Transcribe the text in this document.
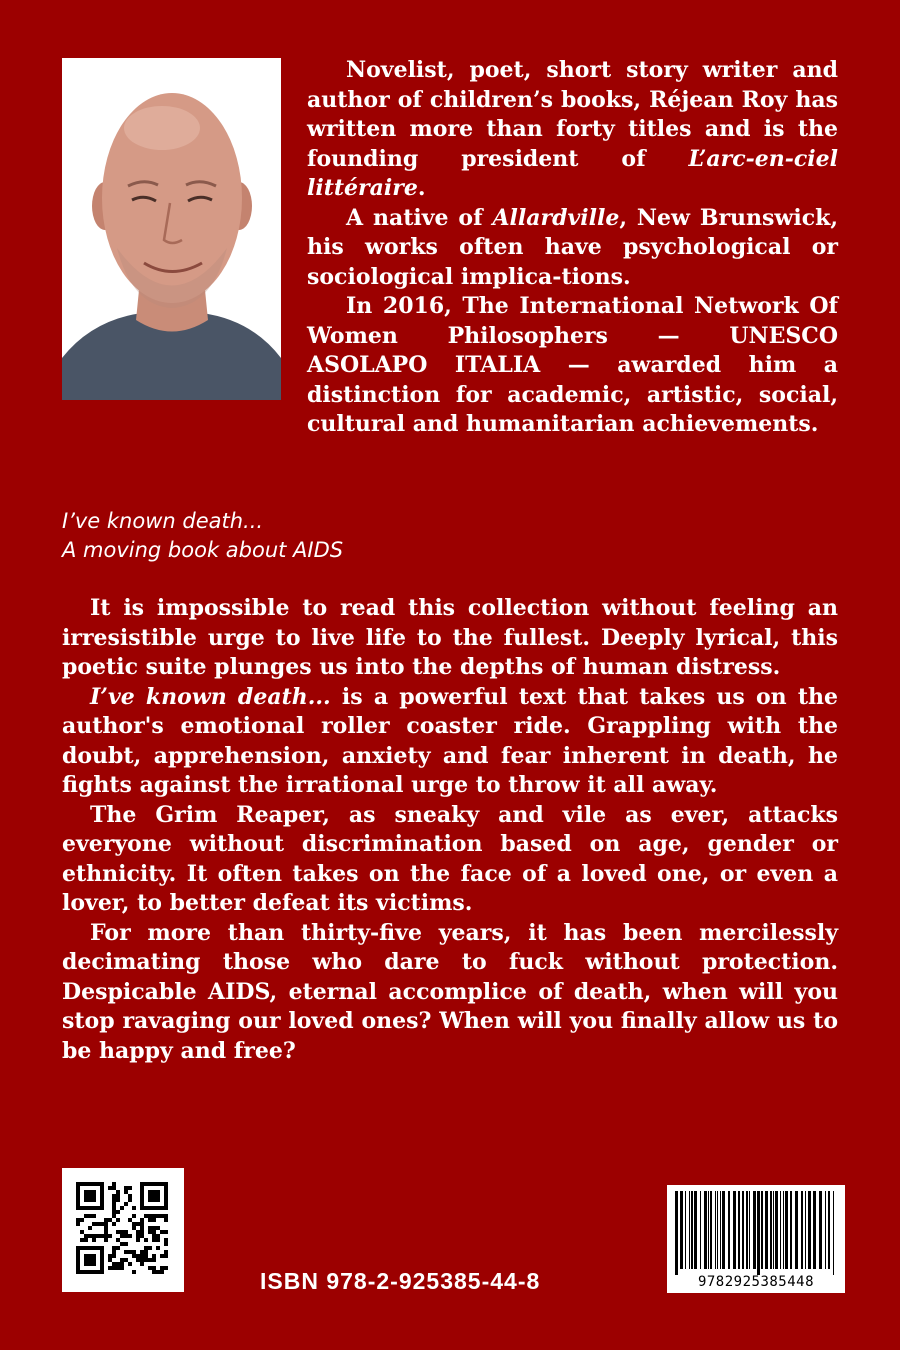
Novelist, poet, short story writer and author of children’s books, Réjean Roy has written more than forty titles and is the founding president of L’arc-en-ciel littéraire.

A native of Allardville, New Brunswick, his works often have psychological or sociological implica-tions.

In 2016, The International Network Of Women Philosophers — UNESCO ASOLAPO ITALIA — awarded him a distinction for academic, artistic, social, cultural and humanitarian achievements.

I’ve known death...
A moving book about AIDS

It is impossible to read this collection without feeling an irresistible urge to live life to the fullest. Deeply lyrical, this poetic suite plunges us into the depths of human distress.

I’ve known death... is a powerful text that takes us on the author's emotional roller coaster ride. Grappling with the doubt, apprehension, anxiety and fear inherent in death, he fights against the irrational urge to throw it all away.

The Grim Reaper, as sneaky and vile as ever, attacks everyone without discrimination based on age, gender or ethnicity. It often takes on the face of a loved one, or even a lover, to better defeat its victims.

For more than thirty-five years, it has been mercilessly decimating those who dare to fuck without protection. Despicable AIDS, eternal accomplice of death, when will you stop ravaging our loved ones? When will you finally allow us to be happy and free?

ISBN 978-2-925385-44-8	9782925385448
